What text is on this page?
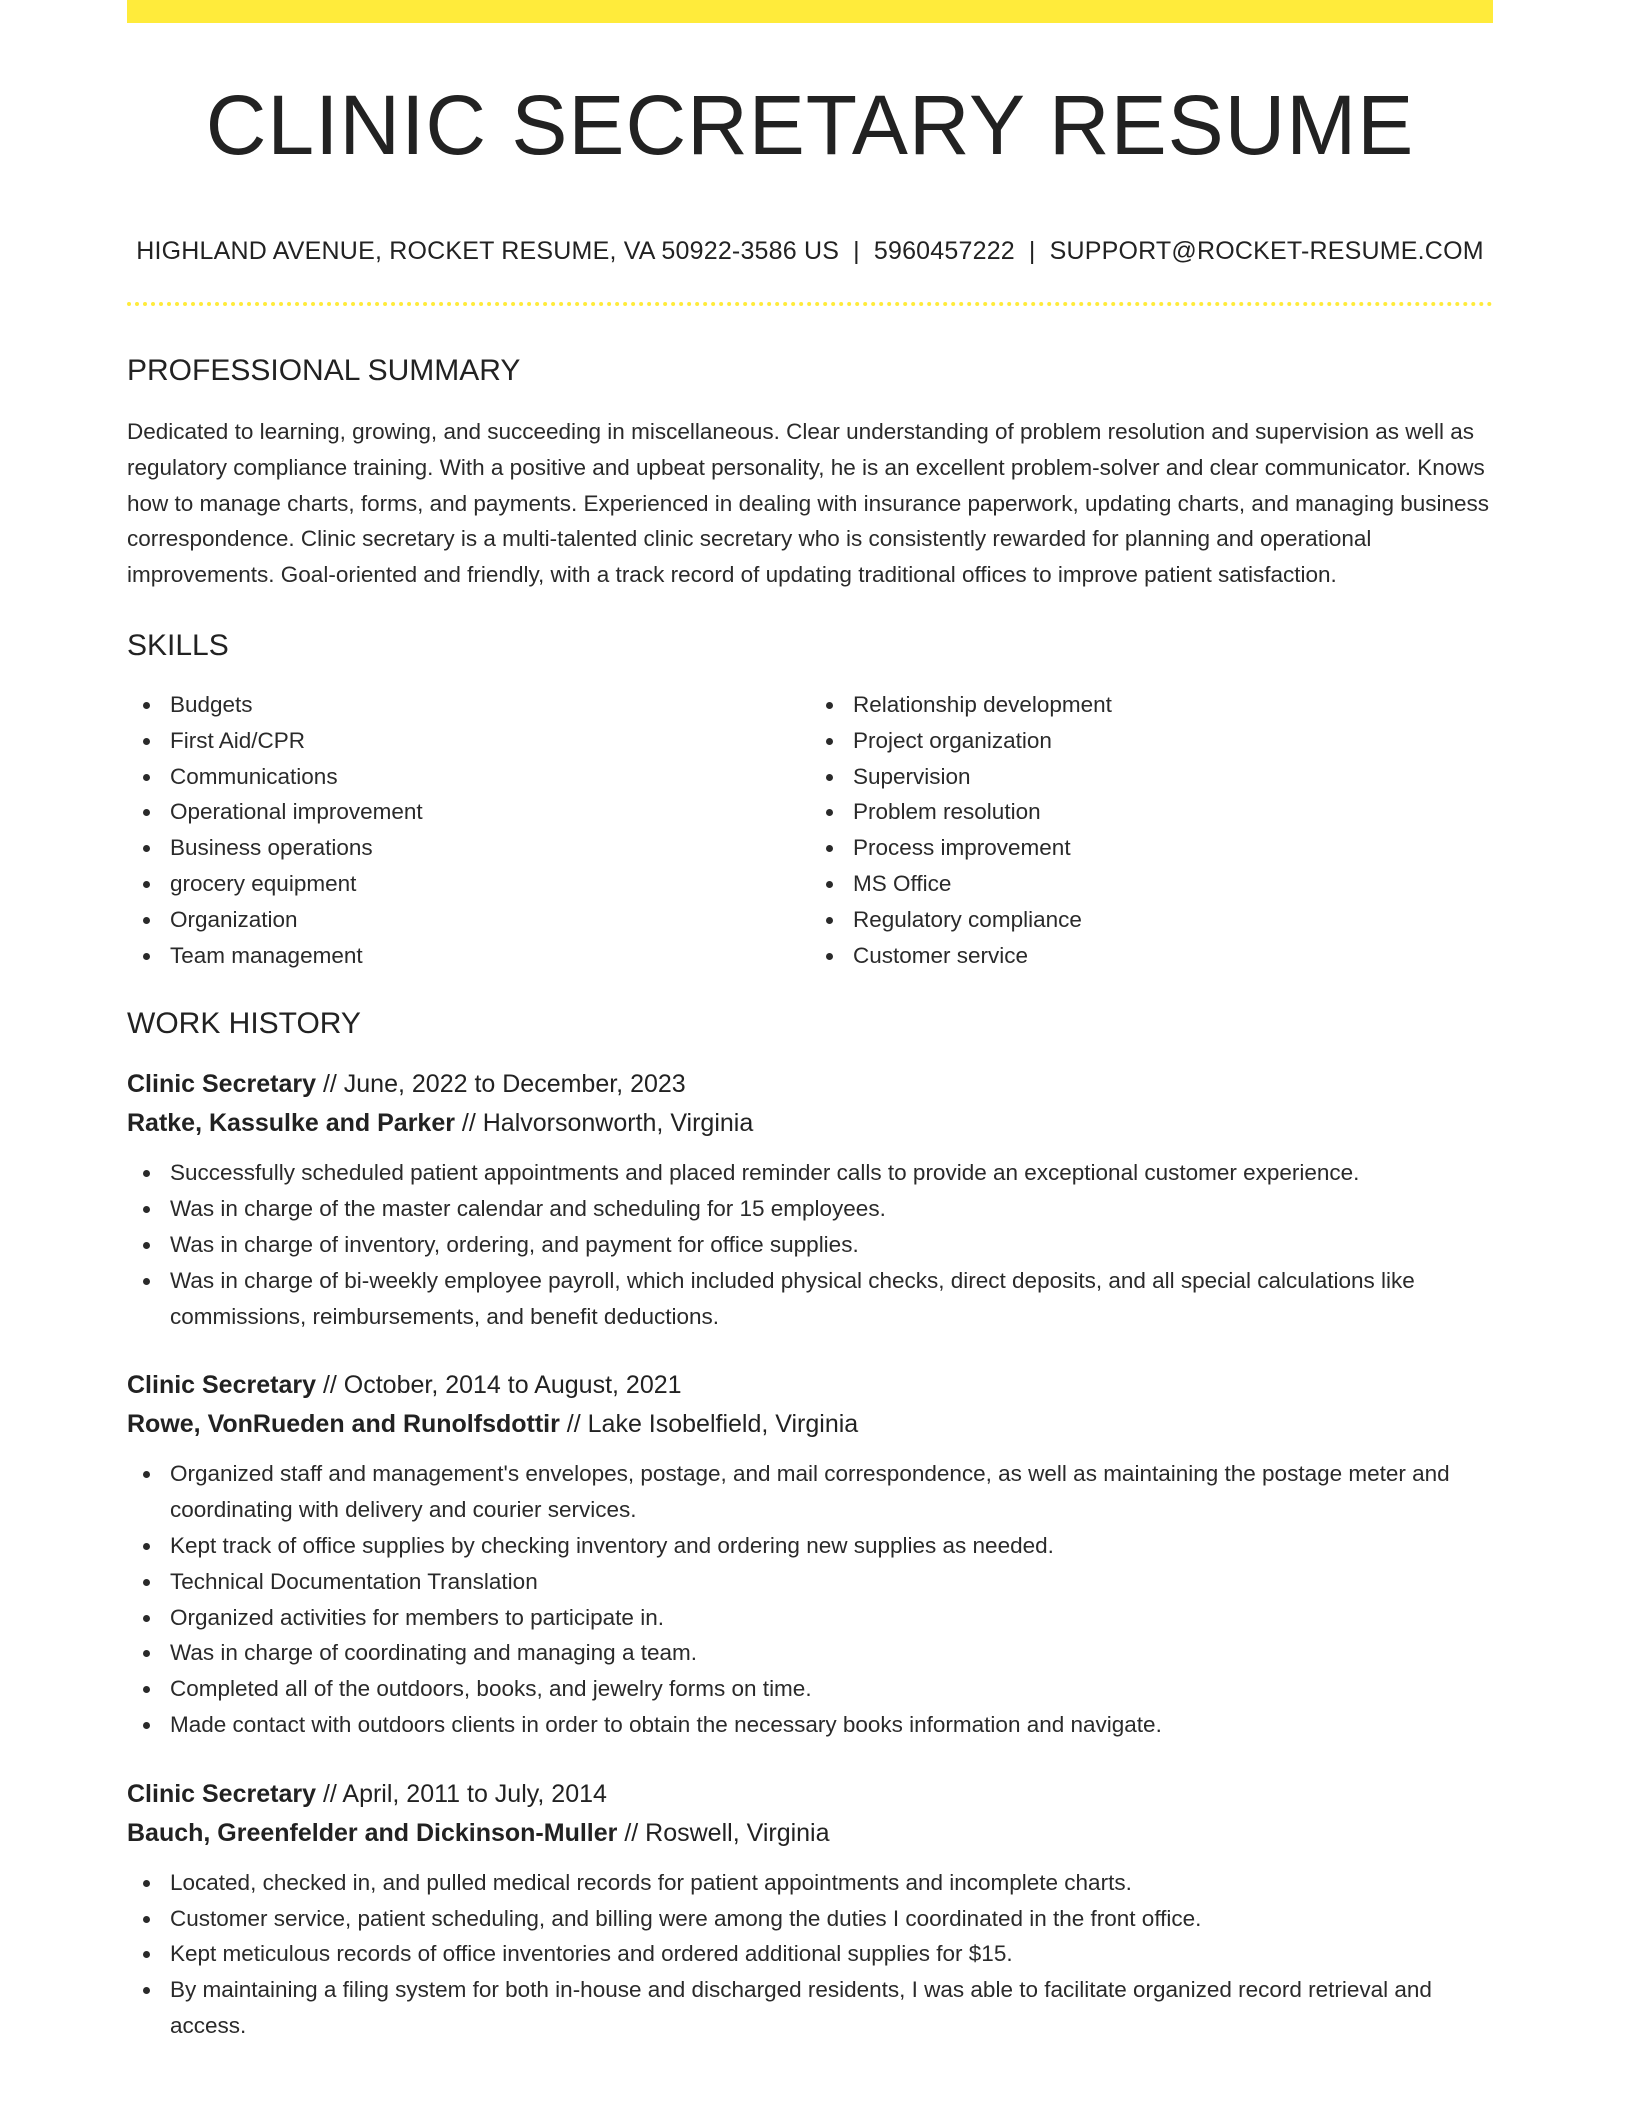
CLINIC SECRETARY RESUME
HIGHLAND AVENUE, ROCKET RESUME, VA 50922-3586 US | 5960457222 | SUPPORT@ROCKET-RESUME.COM
PROFESSIONAL SUMMARY

Dedicated to learning, growing, and succeeding in miscellaneous. Clear understanding of problem resolution and supervision as well as regulatory compliance training. With a positive and upbeat personality, he is an excellent problem-solver and clear communicator. Knows how to manage charts, forms, and payments. Experienced in dealing with insurance paperwork, updating charts, and managing business correspondence. Clinic secretary is a multi-talented clinic secretary who is consistently rewarded for planning and operational improvements. Goal-oriented and friendly, with a track record of updating traditional offices to improve patient satisfaction.

SKILLS
Budgets
First Aid/CPR
Communications
Operational improvement
Business operations
grocery equipment
Organization
Team management
Relationship development
Project organization
Supervision
Problem resolution
Process improvement
MS Office
Regulatory compliance
Customer service
WORK HISTORY
Clinic Secretary // June, 2022 to December, 2023
Ratke, Kassulke and Parker // Halvorsonworth, Virginia
Successfully scheduled patient appointments and placed reminder calls to provide an exceptional customer experience.
Was in charge of the master calendar and scheduling for 15 employees.
Was in charge of inventory, ordering, and payment for office supplies.
Was in charge of bi-weekly employee payroll, which included physical checks, direct deposits, and all special calculations like commissions, reimbursements, and benefit deductions.
Clinic Secretary // October, 2014 to August, 2021
Rowe, VonRueden and Runolfsdottir // Lake Isobelfield, Virginia
Organized staff and management's envelopes, postage, and mail correspondence, as well as maintaining the postage meter and coordinating with delivery and courier services.
Kept track of office supplies by checking inventory and ordering new supplies as needed.
Technical Documentation Translation
Organized activities for members to participate in.
Was in charge of coordinating and managing a team.
Completed all of the outdoors, books, and jewelry forms on time.
Made contact with outdoors clients in order to obtain the necessary books information and navigate.
Clinic Secretary // April, 2011 to July, 2014
Bauch, Greenfelder and Dickinson-Muller // Roswell, Virginia
Located, checked in, and pulled medical records for patient appointments and incomplete charts.
Customer service, patient scheduling, and billing were among the duties I coordinated in the front office.
Kept meticulous records of office inventories and ordered additional supplies for $15.
By maintaining a filing system for both in-house and discharged residents, I was able to facilitate organized record retrieval and access.
